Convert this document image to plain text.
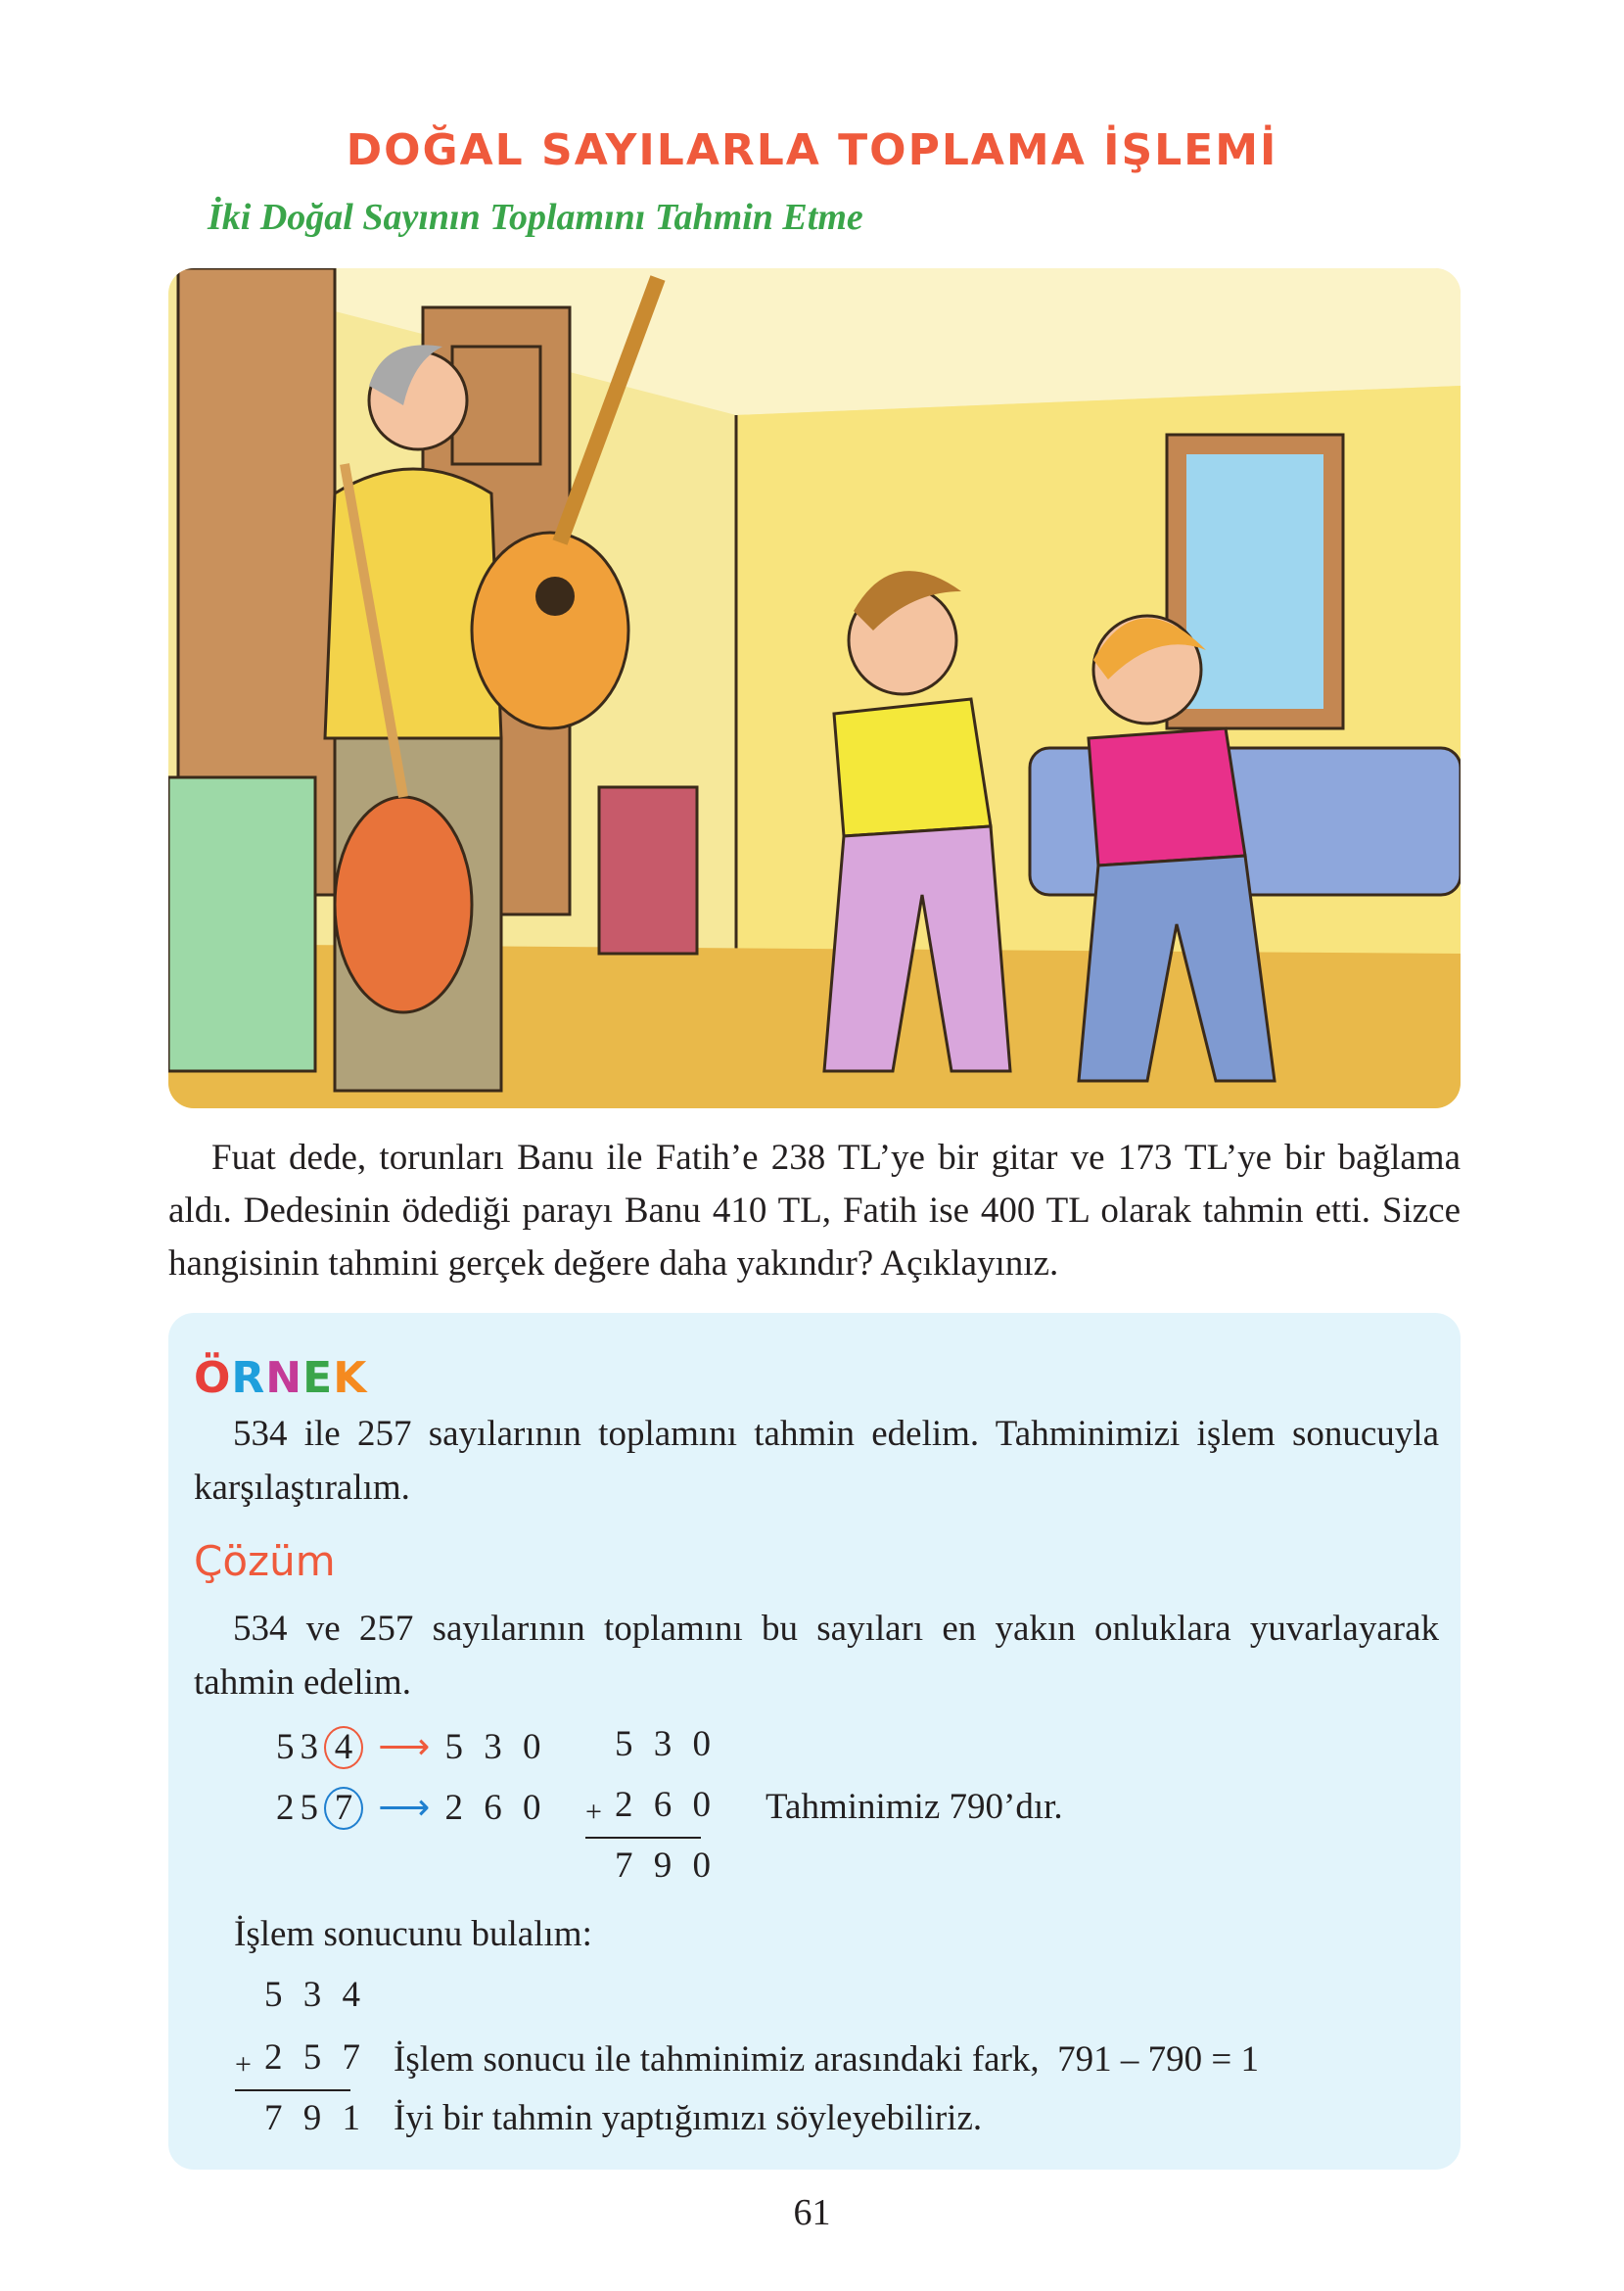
DOĞAL SAYILARLA TOPLAMA İŞLEMİ
İki Doğal Sayının Toplamını Tahmin Etme

Fuat dede, torunları Banu ile Fatih’e 238 TL’ye bir gitar ve 173 TL’ye bir bağlama aldı. Dedesinin ödediği parayı Banu 410 TL, Fatih ise 400 TL olarak tahmin etti. Sizce hangisinin tahmini gerçek değere daha yakındır? Açıklayınız.

ÖRNEK
534 ile 257 sayılarının toplamını tahmin edelim. Tahminimizi işlem sonucuyla karşılaştıralım.
Çözüm
534 ve 257 sayılarının toplamını bu sayıları en yakın onluklara yuvarlayarak tahmin edelim.
53 4 ⟶ 5 3 0
25 7 ⟶ 2 6 0
5 3 0
+ 2 6 0
7 9 0
Tahminimiz 790’dır.
İşlem sonucunu bulalım:
5 3 4
+ 2 5 7
7 9 1
İşlem sonucu ile tahminimiz arasındaki fark,  791 – 790 = 1
İyi bir tahmin yaptığımızı söyleyebiliriz.
61
